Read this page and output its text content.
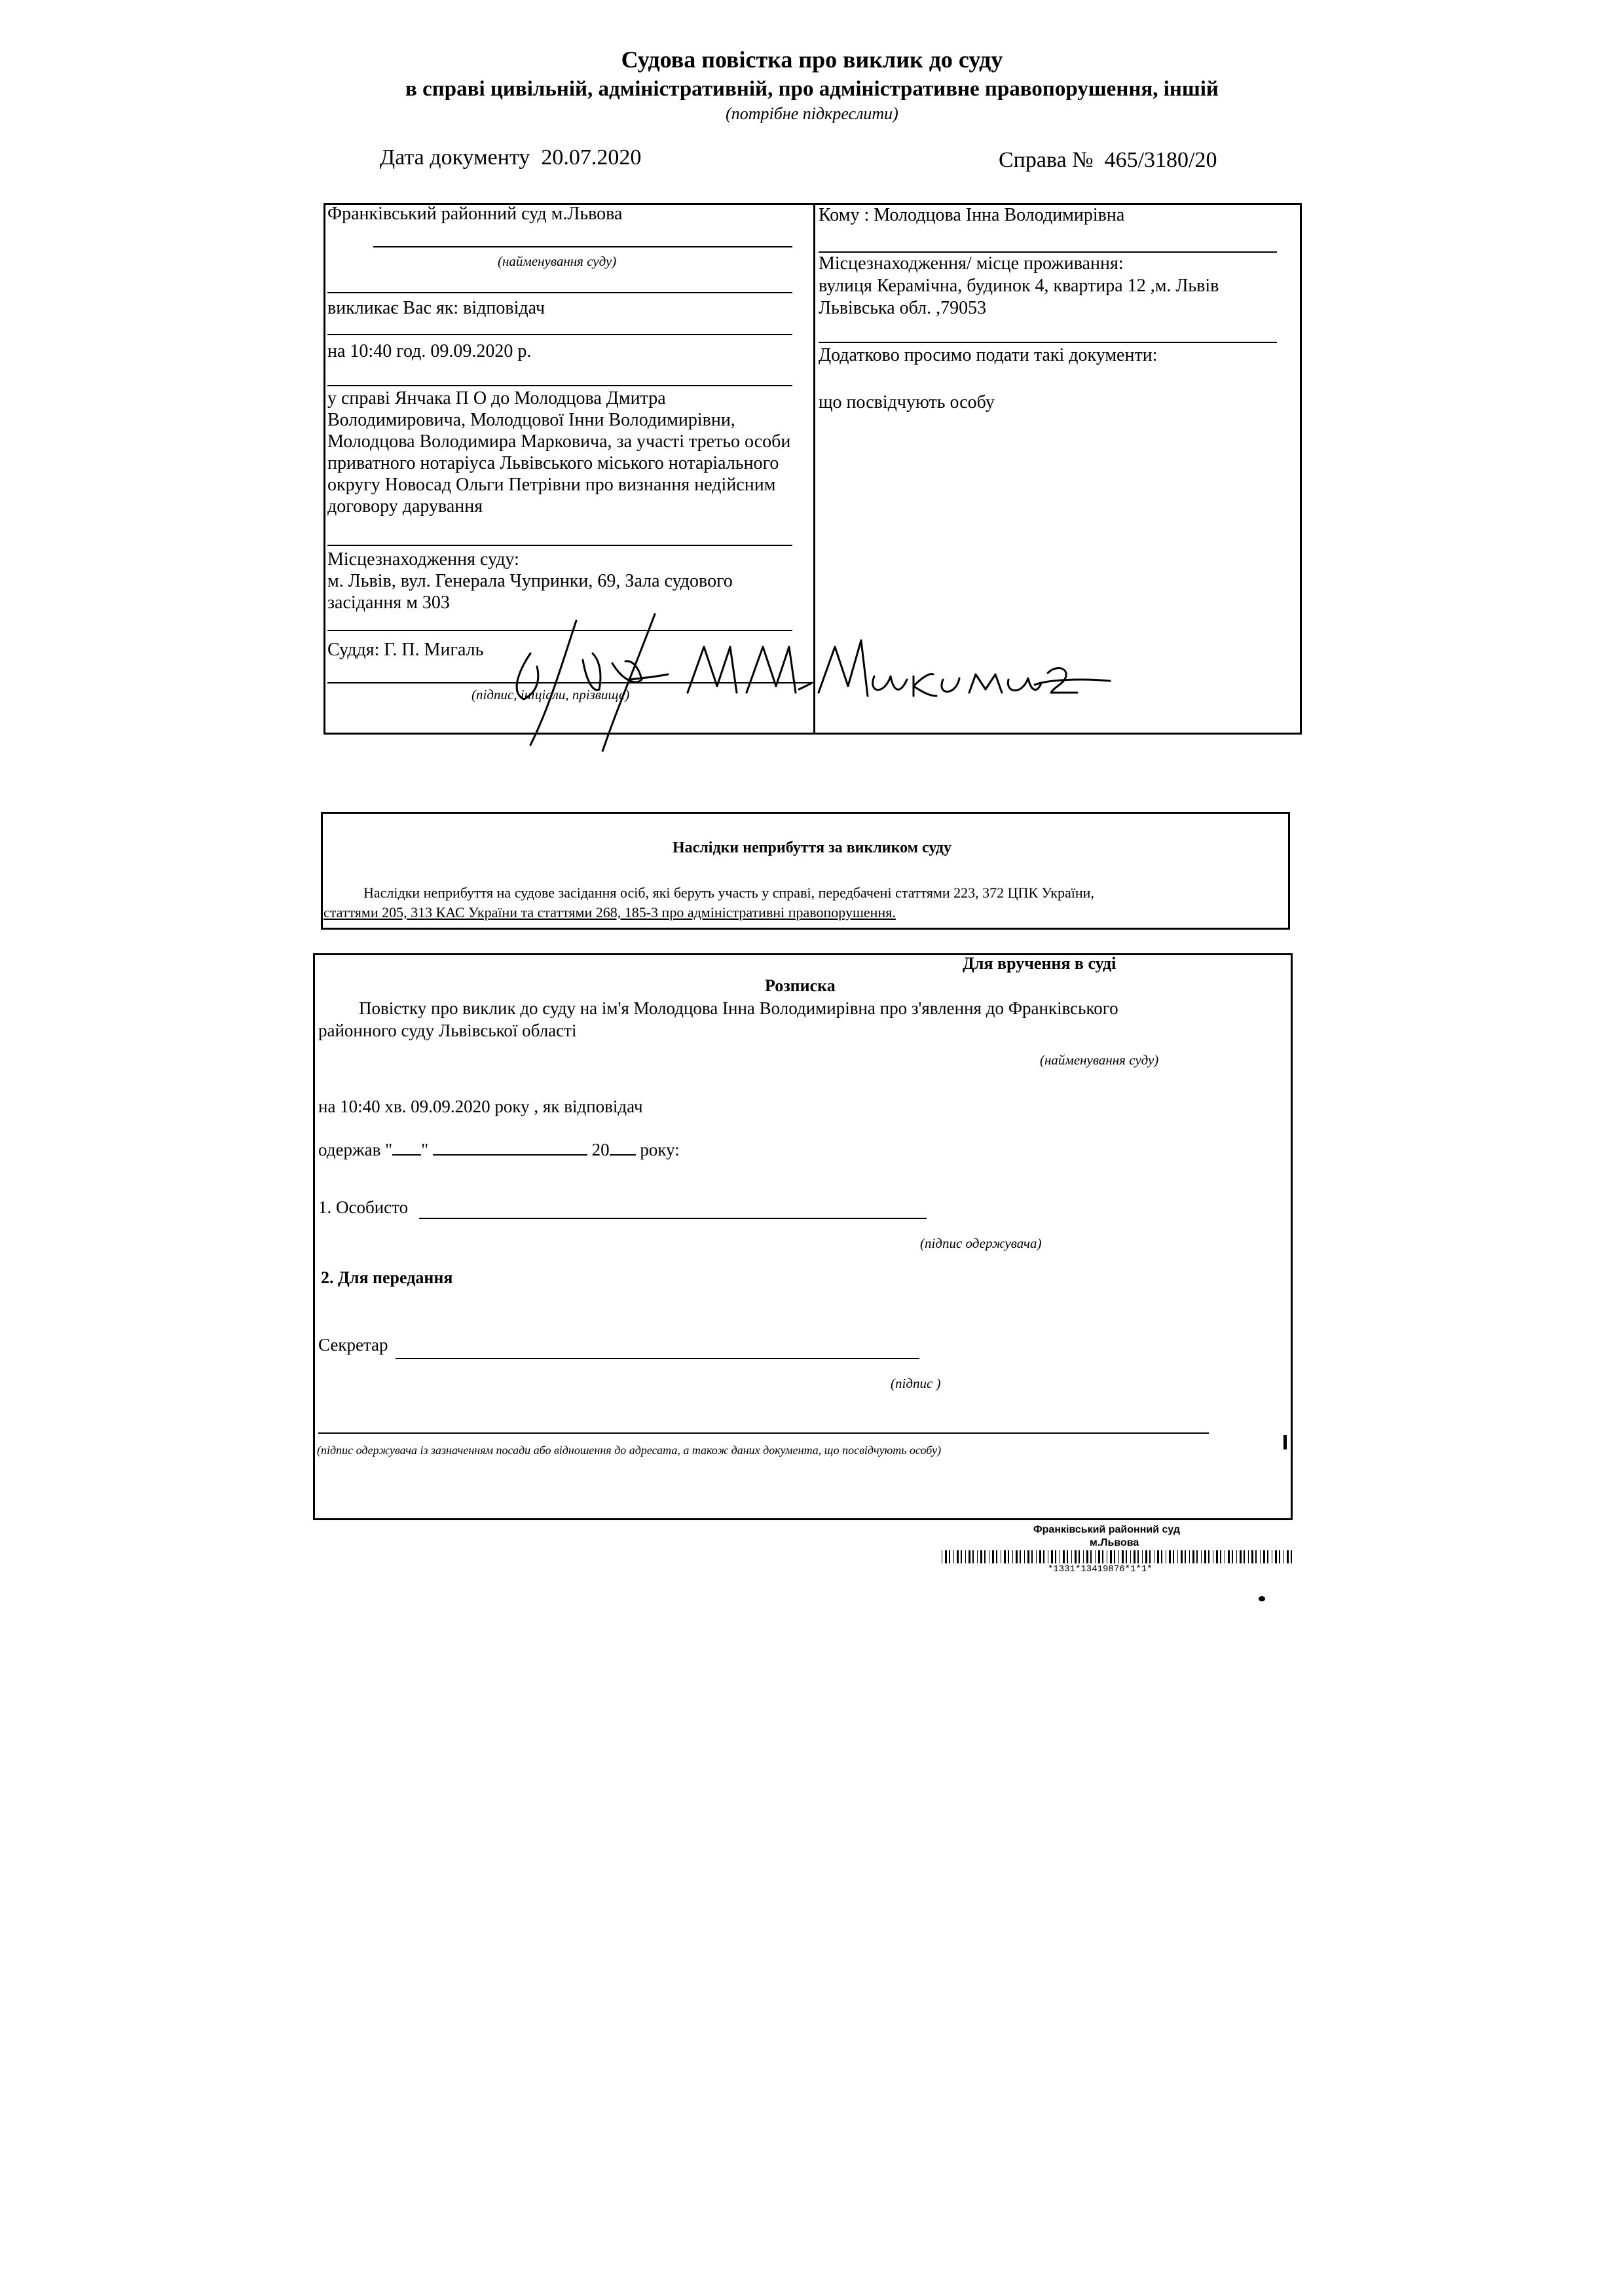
Судова повістка про виклик до суду
в справі цивільній, адміністративній, про адміністративне правопорушення, іншій
(потрібне підкреслити)
Дата документу 20.07.2020	Справа № 465/3180/20
Франківський районний суд м.Львова
(найменування суду)
викликає Вас як: відповідач
на 10:40 год. 09.09.2020 р.
у справі Янчака П О до Молодцова Дмитра
Володимировича, Молодцової Інни Володимирівни,
Молодцова Володимира Марковича, за участі третьо особи
приватного нотаріуса Львівського міського нотаріального
округу Новосад Ольги Петрівни про визнання недійсним
договору дарування
Місцезнаходження суду:
м. Львів, вул. Генерала Чупринки, 69, Зала судового
засідання м 303
Суддя: Г. П. Мигаль
(підпис, ініціали, прізвище)
Кому : Молодцова Інна Володимирівна
Місцезнаходження/ місце проживання:
вулиця Керамічна, будинок 4, квартира 12 ,м. Львів
Львівська обл. ,79053
Додатково просимо подати такі документи:
що посвідчують особу
Наслідки неприбуття за викликом суду
Наслідки неприбуття на судове засідання осіб, які беруть участь у справі, передбачені статтями 223, 372 ЦПК України,
статтями 205, 313 КАС України та статтями 268, 185-3 про адміністративні правопорушення.
Для вручення в суді
Розписка
Повістку про виклик до суду на ім'я Молодцова Інна Володимирівна про з'явлення до Франківського
районного суду Львівської області
(найменування суду)
на 10:40 хв. 09.09.2020 року , як відповідач
одержав " "	20 року:
1. Особисто
(підпис одержувача)
2. Для передання
Секретар
(підпис )
(підпис одержувача із зазначенням посади або відношення до адресата, а також даних документа, що посвідчують особу)
Франківський районний суд
м.Львова
*1331*13419876*1*1*
